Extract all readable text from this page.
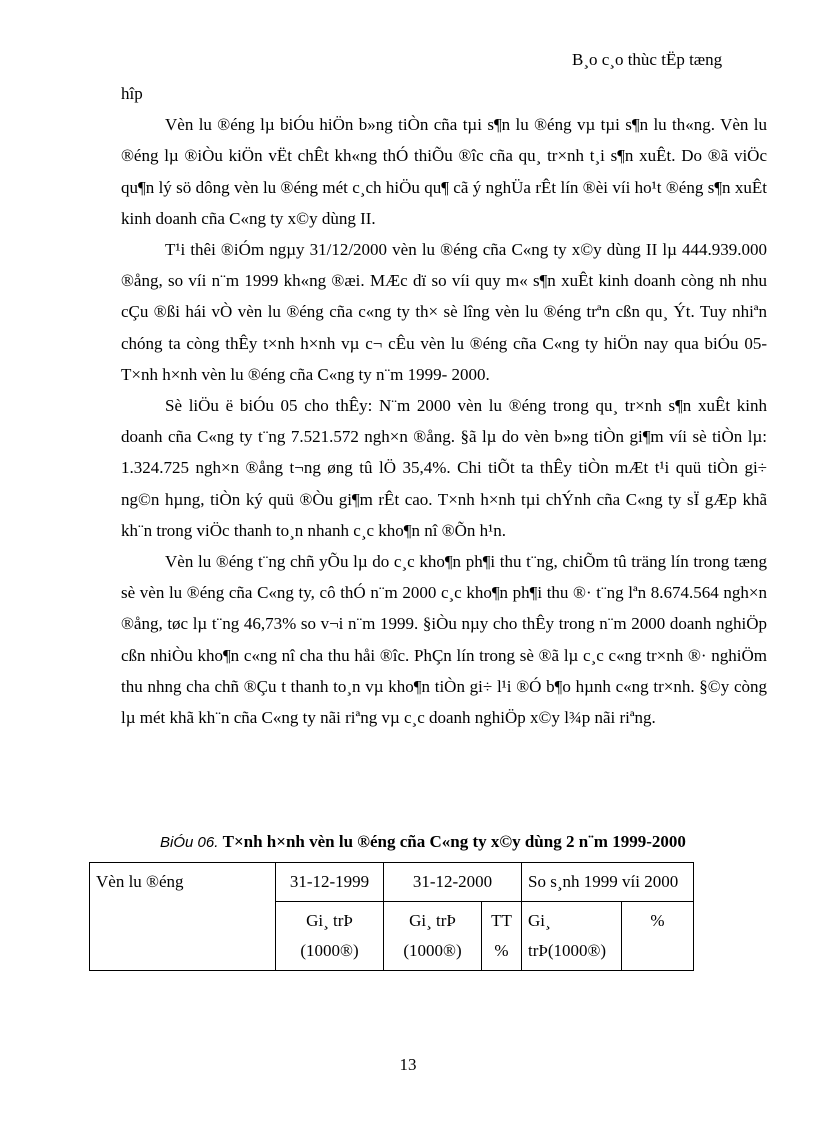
B¸o c¸o thùc tËp tæng

hîp

Vèn lu ®éng lµ biÓu hiÖn b»ng tiÒn cña tµi s¶n lu ®éng vµ tµi s¶n lu th«ng. Vèn lu ®éng lµ ®iÒu kiÖn vËt chÊt kh«ng thÓ thiÕu ®îc cña qu¸ tr×nh t¸i s¶n xuÊt. Do ®ã viÖc qu¶n lý sö dông vèn lu ®éng mét c¸ch hiÖu qu¶ cã ý nghÜa rÊt lín ®èi víi ho¹t ®éng s¶n xuÊt kinh doanh cña C«ng ty x©y dùng II.

T¹i thêi ®iÓm ngµy 31/12/2000 vèn lu ®éng cña C«ng ty x©y dùng II lµ 444.939.000 ®ång, so víi n¨m 1999 kh«ng ®æi. MÆc dï so víi quy m« s¶n xuÊt kinh doanh còng nh nhu cÇu ®ßi hái vÒ vèn lu ®éng cña c«ng ty th× sè lîng vèn lu ®éng trªn cßn qu¸ Ýt. Tuy nhiªn chóng ta còng thÊy t×nh h×nh vµ c¬ cÊu vèn lu ®éng cña C«ng ty hiÖn nay qua biÓu 05- T×nh h×nh vèn lu ®éng cña C«ng ty n¨m 1999- 2000.

Sè liÖu ë biÓu 05 cho thÊy: N¨m 2000 vèn lu ®éng trong qu¸ tr×nh s¶n xuÊt kinh doanh cña C«ng ty t¨ng 7.521.572 ngh×n ®ång. §ã lµ do vèn b»ng tiÒn gi¶m víi sè tiÒn lµ: 1.324.725 ngh×n ®ång t¬ng øng tû lÖ 35,4%. Chi tiÕt ta thÊy tiÒn mÆt t¹i quü tiÒn gi÷ ng©n hµng, tiÒn ký quü ®Òu gi¶m rÊt cao. T×nh h×nh tµi chÝnh cña C«ng ty sÏ gÆp khã kh¨n trong viÖc thanh to¸n nhanh c¸c kho¶n nî ®Õn h¹n.

Vèn lu ®éng t¨ng chñ yÕu lµ do c¸c kho¶n ph¶i thu t¨ng, chiÕm tû träng lín trong tæng sè vèn lu ®éng cña C«ng ty, cô thÓ n¨m 2000 c¸c kho¶n ph¶i thu ®· t¨ng lªn 8.674.564 ngh×n ®ång, tøc lµ t¨ng 46,73% so v¬i n¨m 1999. §iÒu nµy cho thÊy trong n¨m 2000 doanh nghiÖp cßn nhiÒu kho¶n c«ng nî cha thu håi ®îc. PhÇn lín trong sè ®ã lµ c¸c c«ng tr×nh ®· nghiÖm thu nhng cha chñ ®Çu t thanh to¸n vµ kho¶n tiÒn gi÷ l¹i ®Ó b¶o hµnh c«ng tr×nh. §©y còng lµ mét khã kh¨n cña C«ng ty nãi riªng vµ c¸c doanh nghiÖp x©y l¾p nãi riªng.

BiÓu 06. T×nh h×nh vèn lu ®éng cña C«ng ty x©y dùng 2 n¨m 1999-2000
Vèn lu ®éng	31-12-1999	31-12-2000		So s¸nh 1999 víi 2000	
	Gi¸ trÞ (1000®)	Gi¸ trÞ (1000®)	TT %	Gi¸ trÞ(1000®)	%
13
